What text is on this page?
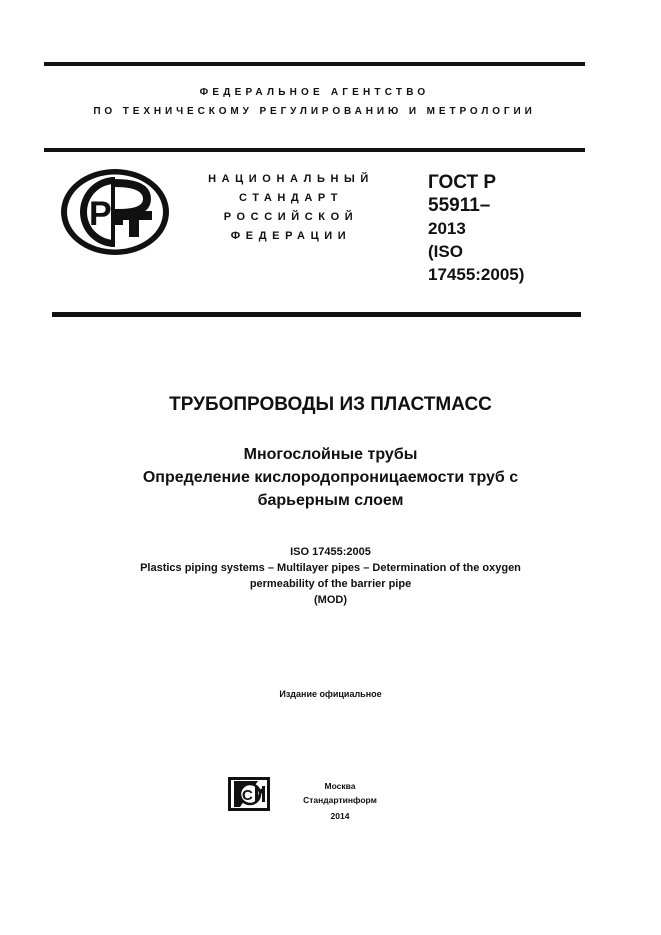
ФЕДЕРАЛЬНОЕ АГЕНТСТВО
ПО ТЕХНИЧЕСКОМУ РЕГУЛИРОВАНИЮ И МЕТРОЛОГИИ
P
НАЦИОНАЛЬНЫЙ
СТАНДАРТ
РОССИЙСКОЙ
ФЕДЕРАЦИИ
ГОСТ Р
55911–
2013
(ISO
17455:2005)
ТРУБОПРОВОДЫ ИЗ ПЛАСТМАСС
Многослойные трубы
Определение кислородопроницаемости труб с
барьерным слоем
ISO 17455:2005
Plastics piping systems – Multilayer pipes – Determination of the oxygen
permeability of the barrier pipe
(MOD)
Издание официальное
С
Москва
Стандартинформ
2014
